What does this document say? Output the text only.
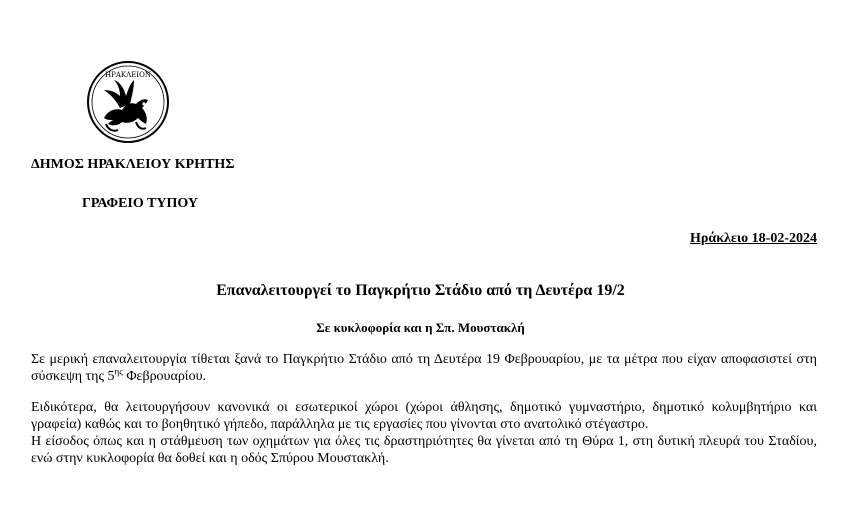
ΗΡΑΚΛΕΙΟΝ
ΔΗΜΟΣ ΗΡΑΚΛΕΙΟΥ ΚΡΗΤΗΣ
ΓΡΑΦΕΙΟ ΤΥΠΟΥ
Ηράκλειο 18-02-2024
Επαναλειτουργεί το Παγκρήτιο Στάδιο από τη Δευτέρα 19/2
Σε κυκλοφορία και η Σπ. Μουστακλή

Σε μερική επαναλειτουργία τίθεται ξανά το Παγκρήτιο Στάδιο από τη Δευτέρα 19 Φεβρουαρίου, με τα μέτρα που είχαν αποφασιστεί στη σύσκεψη της $5^{\eta\varsigma}$ Φεβρουαρίου.

Ειδικότερα, θα λειτουργήσουν κανονικά οι εσωτερικοί χώροι (χώροι άθλησης, δημοτικό γυμναστήριο, δημοτικό κολυμβητήριο και γραφεία) καθώς και το βοηθητικό γήπεδο, παράλληλα με τις εργασίες που γίνονται στο ανατολικό στέγαστρο.

Η είσοδος όπως και η στάθμευση των οχημάτων για όλες τις δραστηριότητες θα γίνεται από τη Θύρα 1, στη δυτική πλευρά του Σταδίου, ενώ στην κυκλοφορία θα δοθεί και η οδός Σπύρου Μουστακλή.
